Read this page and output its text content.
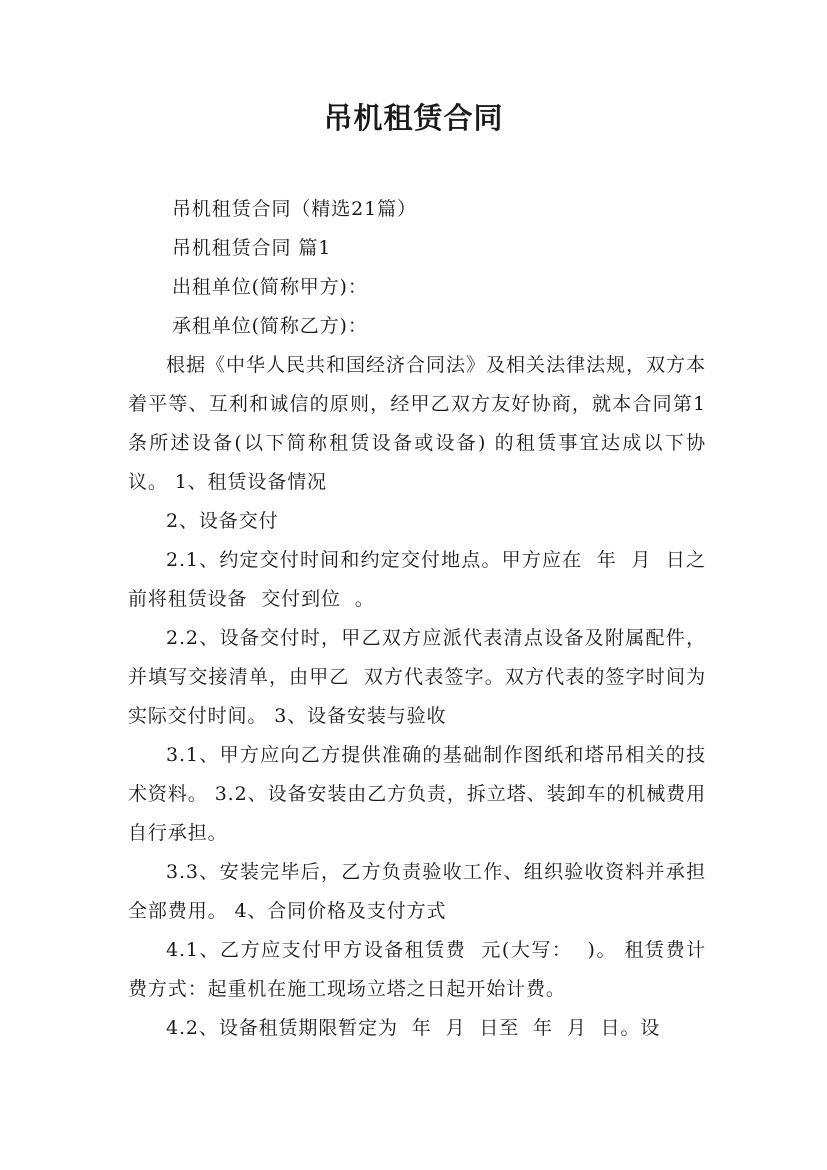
吊机租赁合同

吊机租赁合同（精选21篇）

吊机租赁合同 篇1

出租单位(简称甲方)：

承租单位(简称乙方)：

根据《中华人民共和国经济合同法》及相关法律法规，双方本着平等、互利和诚信的原则，经甲乙双方友好协商，就本合同第1条所述设备(以下简称租赁设备或设备) 的租赁事宜达成以下协议。 1、租赁设备情况

2、设备交付

2.1、约定交付时间和约定交付地点。甲方应在  年  月  日之前将租赁设备  交付到位  。

2.2、设备交付时，甲乙双方应派代表清点设备及附属配件，并填写交接清单，由甲乙  双方代表签字。双方代表的签字时间为实际交付时间。 3、设备安装与验收

3.1、甲方应向乙方提供准确的基础制作图纸和塔吊相关的技术资料。 3.2、设备安装由乙方负责，拆立塔、装卸车的机械费用自行承担。

3.3、安装完毕后，乙方负责验收工作、组织验收资料并承担全部费用。 4、合同价格及支付方式

4.1、乙方应支付甲方设备租赁费  元(大写：  )。 租赁费计费方式：起重机在施工现场立塔之日起开始计费。

4.2、设备租赁期限暂定为  年  月  日至  年  月  日。设
